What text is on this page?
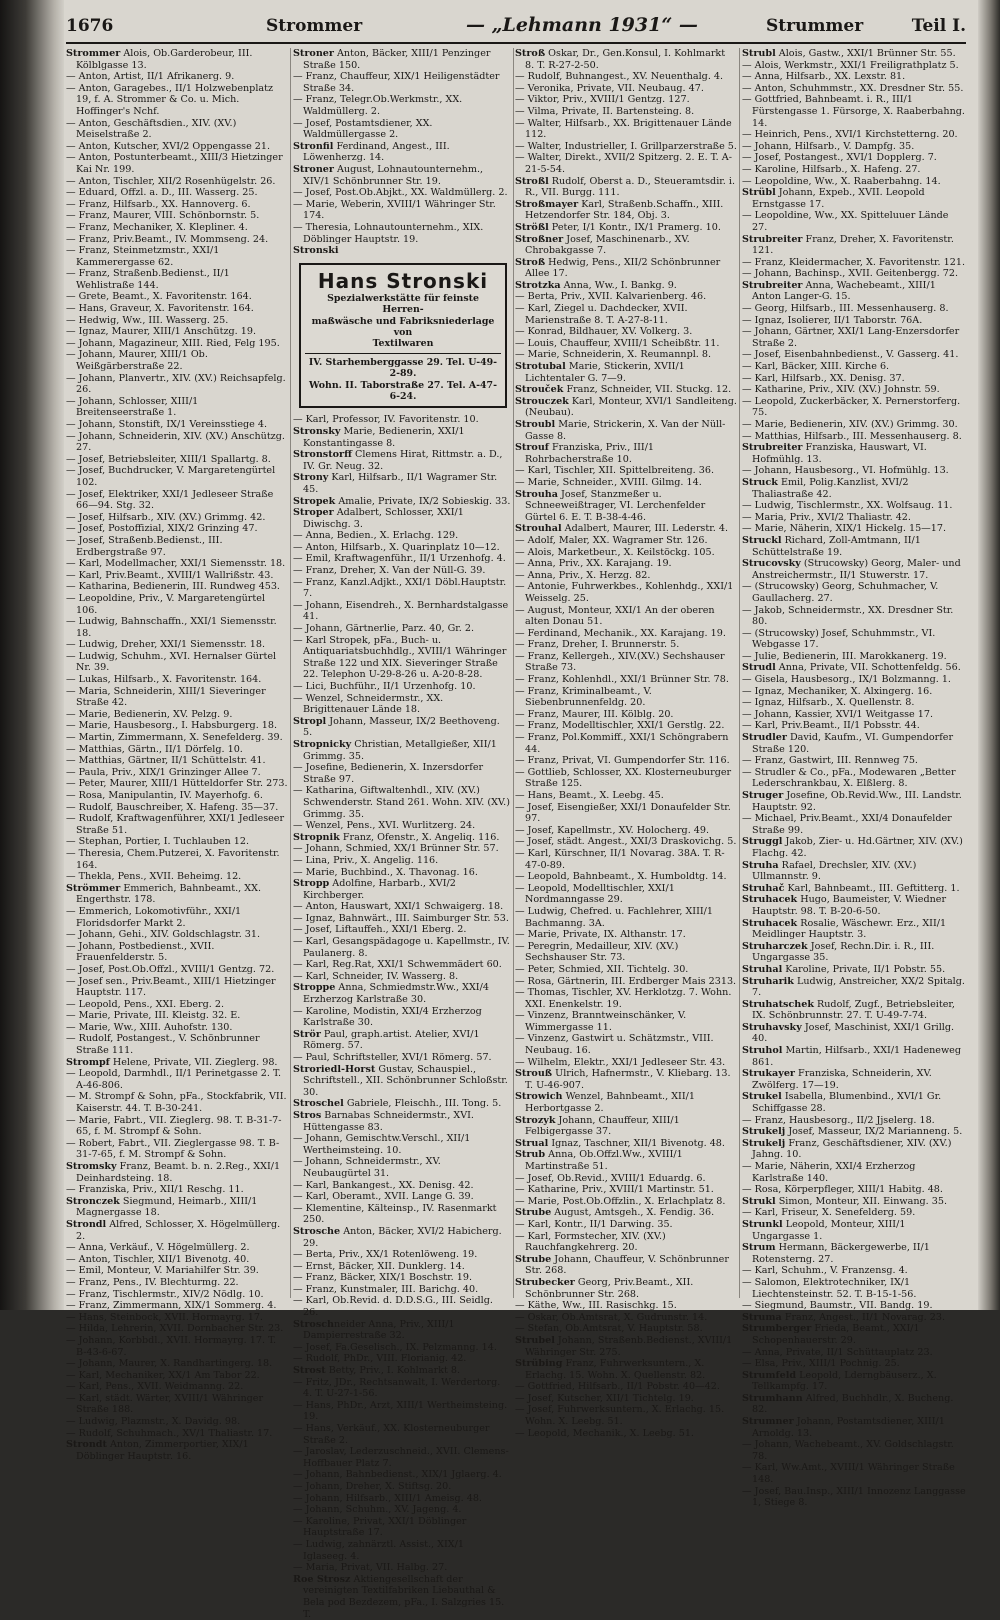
1676	Strommer	— „Lehmann 1931“ —	Strummer	Teil I.
Strommer Alois, Ob.Garderobeur, III. Kölblgasse 13.
— Anton, Artist, II/1 Afrikanerg. 9.
— Anton, Garagebes., II/1 Holzwebenplatz 19, f. A. Strommer & Co. u. Mich. Hoffinger's Nchf.
— Anton, Geschäftsdien., XIV. (XV.) Meiselstraße 2.
— Anton, Kutscher, XVI/2 Oppengasse 21.
— Anton, Postunterbeamt., XIII/3 Hietzinger Kai Nr. 199.
— Anton, Tischler, XII/2 Rosenhügelstr. 26.
— Eduard, Offzl. a. D., III. Wasserg. 25.
— Franz, Hilfsarb., XX. Hannoverg. 6.
— Franz, Maurer, VIII. Schönbornstr. 5.
— Franz, Mechaniker, X. Klepliner. 4.
— Franz, Priv.Beamt., IV. Mommseng. 24.
— Franz, Steinmetzmstr., XXI/1 Kammerergasse 62.
— Franz, Straßenb.Bedienst., II/1 Wehlistraße 144.
— Grete, Beamt., X. Favoritenstr. 164.
— Hans, Graveur, X. Favoritenstr. 164.
— Hedwig, Ww., III. Wasserg. 25.
— Ignaz, Maurer, XIII/1 Anschützg. 19.
— Johann, Magazineur, XIII. Ried, Felg 195.
— Johann, Maurer, XIII/1 Ob. Weißgärberstraße 22.
— Johann, Planvertr., XIV. (XV.) Reichsapfelg. 26.
— Johann, Schlosser, XIII/1 Breitenseerstraße 1.
— Johann, Stonstift, IX/1 Vereinsstiege 4.
— Johann, Schneiderin, XIV. (XV.) Anschützg. 27.
— Josef, Betriebsleiter, XIII/1 Spallartg. 8.
— Josef, Buchdrucker, V. Margaretengürtel 102.
— Josef, Elektriker, XXI/1 Jedleseer Straße 66—94. Stg. 32.
— Josef, Hilfsarb., XIV. (XV.) Grimmg. 42.
— Josef, Postoffizial, XIX/2 Grinzing 47.
— Josef, Straßenb.Bedienst., III. Erdbergstraße 97.
— Karl, Modellmacher, XXI/1 Siemensstr. 18.
— Karl, Priv.Beamt., XVIII/1 Wallrißstr. 43.
— Katharina, Bedienerin, III. Rundweg 453.
— Leopoldine, Priv., V. Margaretengürtel 106.
— Ludwig, Bahnschaffn., XXI/1 Siemensstr. 18.
— Ludwig, Dreher, XXI/1 Siemensstr. 18.
— Ludwig, Schuhm., XVI. Hernalser Gürtel Nr. 39.
— Lukas, Hilfsarb., X. Favoritenstr. 164.
— Maria, Schneiderin, XIII/1 Sieveringer Straße 42.
— Marie, Bedienerin, XV. Pelzg. 9.
— Marie, Hausbesorg., I. Habsburgerg. 18.
— Martin, Zimmermann, X. Senefelderg. 39.
— Matthias, Gärtn., II/1 Dörfelg. 10.
— Matthias, Gärtner, II/1 Schüttelstr. 41.
— Paula, Priv., XIX/1 Grinzinger Allee 7.
— Peter, Maurer, XIII/1 Hütteldorfer Str. 273.
— Rosa, Manipulantin, IV. Mayerhofg. 6.
— Rudolf, Bauschreiber, X. Hafeng. 35—37.
— Rudolf, Kraftwagenführer, XXI/1 Jedleseer Straße 51.
— Stephan, Portier, I. Tuchlauben 12.
— Theresia, Chem.Putzerei, X. Favoritenstr. 164.
— Thekla, Pens., XVII. Beheimg. 12.
Strömmer Emmerich, Bahnbeamt., XX. Engerthstr. 178.
— Emmerich, Lokomotivführ., XXI/1 Floridsdorfer Markt 2.
— Johann, Gehi., XIV. Goldschlagstr. 31.
— Johann, Postbedienst., XVII. Frauenfelderstr. 5.
— Josef, Post.Ob.Offzl., XVIII/1 Gentzg. 72.
— Josef sen., Priv.Beamt., XIII/1 Hietzinger Hauptstr. 117.
— Leopold, Pens., XXI. Eberg. 2.
— Marie, Private, III. Kleistg. 32. E.
— Marie, Ww., XIII. Auhofstr. 130.
— Rudolf, Postangest., V. Schönbrunner Straße 111.
Strompf Helene, Private, VII. Zieglerg. 98.
— Leopold, Darmhdl., II/1 Perinetgasse 2. T. A-46-806.
— M. Strompf & Sohn, pFa., Stockfabrik, VII. Kaiserstr. 44. T. B-30-241.
— Marie, Fabrt., VII. Zieglerg. 98. T. B-31-7-65, f. M. Strompf & Sohn.
— Robert, Fabrt., VII. Zieglergasse 98. T. B-31-7-65, f. M. Strompf & Sohn.
Stromsky Franz, Beamt. b. n. 2.Reg., XXI/1 Deinhardsteing. 18.
— Franziska, Priv., XII/1 Reschg. 11.
Stronczek Siegmund, Heimarb., XIII/1 Magnergasse 18.
Strondl Alfred, Schlosser, X. Högelmüllerg. 2.
— Anna, Verkäuf., V. Högelmüllerg. 2.
— Anton, Tischler, XII/1 Bivenotg. 40.
— Emil, Monteur, V. Mariahilfer Str. 39.
— Franz, Pens., IV. Blechturmg. 22.
— Franz, Tischlermstr., XIV/2 Nödlg. 10.
— Franz, Zimmermann, XIX/1 Sommerg. 4.
— Hans, Steinbock, XVII. Hormayrg. 17.
— Hilda, Lehrerin, XVII. Dornbacher Str. 23.
— Johann, Korbbdl., XVII. Hormayrg. 17. T. B-43-6-67.
— Johann, Maurer, X. Randhartingerg. 18.
— Karl, Mechaniker, XX/1 Am Tabor 22.
— Karl, Pens., XVII. Weidmanng. 22.
— Karl, städt. Wärter, XVIII/1 Währinger Straße 188.
— Ludwig, Plazmstr., X. Davidg. 98.
— Rudolf, Schuhmach., XV/1 Thaliastr. 17.
Strondt Anton, Zimmerportier, XIX/1 Döblinger Hauptstr. 16.
Stroner Anton, Bäcker, XIII/1 Penzinger Straße 150.
— Franz, Chauffeur, XIX/1 Heiligenstädter Straße 34.
— Franz, Telegr.Ob.Werkmstr., XX. Waldmüllerg. 2.
— Josef, Postamtsdiener, XX. Waldmüllergasse 2.
Stronfil Ferdinand, Angest., III. Löwenherzg. 14.
Stroner August, Lohnautounternehm., XIV/1 Schönbrunner Str. 19.
— Josef, Post.Ob.Abjkt., XX. Waldmüllerg. 2.
— Marie, Weberin, XVIII/1 Währinger Str. 174.
— Theresia, Lohnautounternehm., XIX. Döblinger Hauptstr. 19.
Stronski
Hans Stronski
Spezialwerkstätte für feinste Herren-
maßwäsche und Fabriksniederlage von
Textilwaren
IV. Starhemberggasse 29. Tel. U-49-2-89.
Wohn. II. Taborstraße 27. Tel. A-47-6-24.
— Karl, Professor, IV. Favoritenstr. 10.
Stronsky Marie, Bedienerin, XXI/1 Konstantingasse 8.
Stronstorff Clemens Hirat, Rittmstr. a. D., IV. Gr. Neug. 32.
Strony Karl, Hilfsarb., II/1 Wagramer Str. 45.
Stropek Amalie, Private, IX/2 Sobieskig. 33.
Stroper Adalbert, Schlosser, XXI/1 Diwischg. 3.
— Anna, Bedien., X. Erlachg. 129.
— Anton, Hilfsarb., X. Quarinplatz 10—12.
— Emil, Kraftwagenführ., II/1 Urzenhofg. 4.
— Franz, Dreher, X. Van der Nüll-G. 39.
— Franz, Kanzl.Adjkt., XXI/1 Döbl.Hauptstr. 7.
— Johann, Eisendreh., X. Bernhardstalgasse 41.
— Johann, Gärtnerlie, Parz. 40, Gr. 2.
— Karl Stropek, pFa., Buch- u. Antiquariatsbuchhdlg., XVIII/1 Währinger Straße 122 und XIX. Sieveringer Straße 22. Telephon U-29-8-26 u. A-20-8-28.
— Lici, Buchführ., II/1 Urzenhofg. 10.
— Wenzel, Schneidermstr., XX. Brigittenauer Lände 18.
Stropl Johann, Masseur, IX/2 Beethoveng. 5.
Stropnicky Christian, Metallgießer, XII/1 Grimmg. 35.
— Josefine, Bedienerin, X. Inzersdorfer Straße 97.
— Katharina, Giftwaltenhdl., XIV. (XV.) Schwenderstr. Stand 261. Wohn. XIV. (XV.) Grimmg. 35.
— Wenzel, Pens., XVI. Wurlitzerg. 24.
Stropnik Franz, Ofenstr., X. Angeliq. 116.
— Johann, Schmied, XX/1 Brünner Str. 57.
— Lina, Priv., X. Angelig. 116.
— Marie, Buchbind., X. Thavonag. 16.
Stropp Adolfine, Harbarb., XVI/2 Kirchberger.
— Anton, Hauswart, XXI/1 Schwaigerg. 18.
— Ignaz, Bahnwärt., III. Saimburger Str. 53.
— Josef, Liftauffeh., XXI/1 Eberg. 2.
— Karl, Gesangspädagoge u. Kapellmstr., IV. Paulanerg. 8.
— Karl, Reg.Rat, XXI/1 Schwemmädert 60.
— Karl, Schneider, IV. Wasserg. 8.
Stroppe Anna, Schmiedmstr.Ww., XXI/4 Erzherzog Karlstraße 30.
— Karoline, Modistin, XXI/4 Erzherzog Karlstraße 30.
Strör Paul, graph.artist. Atelier, XVI/1 Römerg. 57.
— Paul, Schriftsteller, XVI/1 Römerg. 57.
Stroriedl-Horst Gustav, Schauspiel., Schriftstell., XII. Schönbrunner Schloßstr. 30.
Stroschel Gabriele, Fleischh., III. Tong. 5.
Stros Barnabas Schneidermstr., XVI. Hüttengasse 83.
— Johann, Gemischtw.Verschl., XII/1 Wertheimsteing. 10.
— Johann, Schneidermstr., XV. Neubaugürtel 31.
— Karl, Bankangest., XX. Denisg. 42.
— Karl, Oberamt., XVII. Lange G. 39.
— Klementine, Kälteinsp., IV. Rasenmarkt 250.
Strosche Anton, Bäcker, XVI/2 Habicherg. 29.
— Berta, Priv., XX/1 Rotenlöweng. 19.
— Ernst, Bäcker, XII. Dunklerg. 14.
— Franz, Bäcker, XIX/1 Boschstr. 19.
— Franz, Kunstmaler, III. Barichg. 40.
— Karl, Ob.Revid. d. D.D.S.G., III. Seidlg. 26.
Stroschneider Anna, Priv., XIII/1 Dampierrestraße 32.
— Josef, Fa.Geselisch., IX. Pelzmanng. 14.
— Rudolf, PhDr., VIII. Florianig. 42.
Strost Betty, Priv., I. Kohlmarkt 8.
— Fritz, JDr., Rechtsanwalt, I. Werdertorg. 4. T. U-27-1-56.
— Hans, PhDr., Arzt, XIII/1 Wertheimsteing. 19.
— Hans, Verkäuf., XX. Klosterneuburger Straße 2.
— Jaroslav, Lederzuschneid., XVII. Clemens-Hoffbauer Platz 7.
— Johann, Bahnbedienst., XIX/1 Jglaerg. 4.
— Johann, Dreher, X. Stiftsg. 20.
— Johann, Hilfsarb., XIII/1 Ameisg. 48.
— Johann, Schuhm., XV. Jageng. 4.
— Karoline, Privat, XXI/1 Döblinger Hauptstraße 17.
— Ludwig, zahnärztl. Assist., XIX/1 Iglaseeg. 4.
— Maria, Privat, VII. Halbg. 27.
Roe Strosz Aktiengesellschaft der vereinigten Textilfabriken Liebauthal & Bela pod Bezdezem, pFa., I. Salzgries 15. T.
Stroß Oskar, Dr., Gen.Konsul, I. Kohlmarkt 8. T. R-27-2-50.
— Rudolf, Buhnangest., XV. Neuenthalg. 4.
— Veronika, Private, VII. Neubaug. 47.
— Viktor, Priv., XVIII/1 Gentzg. 127.
— Vilma, Private, II. Bartensteing. 8.
— Walter, Hilfsarb., XX. Brigittenauer Lände 112.
— Walter, Industrieller, I. Grillparzerstraße 5.
— Walter, Direkt., XVII/2 Spitzerg. 2. E. T. A-21-5-54.
Stroßl Rudolf, Oberst a. D., Steueramtsdir. i. R., VII. Burgg. 111.
Stroßmayer Karl, Straßenb.Schaffn., XIII. Hetzendorfer Str. 184, Obj. 3.
Strößl Peter, I/1 Kontr., IX/1 Pramerg. 10.
Stroßner Josef, Maschinenarb., XV. Chrobakgasse 7.
Stroß Hedwig, Pens., XII/2 Schönbrunner Allee 17.
Strotzka Anna, Ww., I. Bankg. 9.
— Berta, Priv., XVII. Kalvarienberg. 46.
— Karl, Ziegel u. Dachdecker, XVII. Marienstraße 8. T. A-27-8-11.
— Konrad, Bildhauer, XV. Volkerg. 3.
— Louis, Chauffeur, XVIII/1 Scheibßtr. 11.
— Marie, Schneiderin, X. Reumannpl. 8.
Strotubal Marie, Stickerin, XVII/1 Lichtentaler G. 7—9.
Strouček Franz, Schneider, VII. Stuckg. 12.
Strouczek Karl, Monteur, XVI/1 Sandleiteng. (Neubau).
Stroubl Marie, Strickerin, X. Van der Nüll-Gasse 8.
Strouf Franziska, Priv., III/1 Rohrbacherstraße 10.
— Karl, Tischler, XII. Spittelbreiteng. 36.
— Marie, Schneider., XVIII. Gilmg. 14.
Strouha Josef, Stanzmeßer u. Schneeweißtrager, VI. Lerchenfelder Gürtel 6. E. T. B-38-4-46.
Strouhal Adalbert, Maurer, III. Lederstr. 4.
— Adolf, Maler, XX. Wagramer Str. 126.
— Alois, Marketbeur., X. Keilstöckg. 105.
— Anna, Priv., XX. Karajang. 19.
— Anna, Priv., X. Herzg. 82.
— Antonie, Fuhrwerkbes., Kohlenhdg., XXI/1 Weisselg. 25.
— August, Monteur, XXI/1 An der oberen alten Donau 51.
— Ferdinand, Mechanik., XX. Karajang. 19.
— Franz, Dreher, I. Brunnerstr. 5.
— Franz, Kellergeh., XIV.(XV.) Sechshauser Straße 73.
— Franz, Kohlenhdl., XXI/1 Brünner Str. 78.
— Franz, Kriminalbeamt., V. Siebenbrunnenfeldg. 20.
— Franz, Maurer, III. Kölblg. 20.
— Franz, Modelltischler, XXI/1 Gerstlg. 22.
— Franz, Pol.Kommiff., XXI/1 Schöngrabern 44.
— Franz, Privat, VI. Gumpendorfer Str. 116.
— Gottlieb, Schlosser, XX. Klosterneuburger Straße 125.
— Hans, Beamt., X. Leebg. 45.
— Josef, Eisengießer, XXI/1 Donaufelder Str. 97.
— Josef, Kapellmstr., XV. Holocherg. 49.
— Josef, städt. Angest., XXI/3 Draskovichg. 5.
— Karl, Kürschner, II/1 Novarag. 38A. T. R-47-0-89.
— Leopold, Bahnbeamt., X. Humboldtg. 14.
— Leopold, Modelltischler, XXI/1 Nordmanngasse 29.
— Ludwig, Chefred. u. Fachlehrer, XIII/1 Bachmanng. 3A.
— Marie, Private, IX. Althanstr. 17.
— Peregrin, Medailleur, XIV. (XV.) Sechshauser Str. 73.
— Peter, Schmied, XII. Tichtelg. 30.
— Rosa, Gärtnerin, III. Erdberger Mais 2313.
— Thomas, Tischler, XV. Herklotzg. 7. Wohn. XXI. Enenkelstr. 19.
— Vinzenz, Branntweinschänker, V. Wimmergasse 11.
— Vinzenz, Gastwirt u. Schätzmstr., VIII. Neubaug. 16.
— Wilhelm, Elektr., XXI/1 Jedleseer Str. 43.
Strouß Ulrich, Hafnermstr., V. Kliebarg. 13. T. U-46-907.
Strowich Wenzel, Bahnbeamt., XII/1 Herbortgasse 2.
Strozyk Johann, Chauffeur, XIII/1 Felbigergasse 37.
Strual Ignaz, Taschner, XII/1 Bivenotg. 48.
Strub Anna, Ob.Offzl.Ww., XVIII/1 Martinstraße 51.
— Josef, Ob.Revid., XVIII/1 Eduardg. 6.
— Katharine, Priv., XVIII/1 Martinstr. 51.
— Marie, Post.Ob.Offzlin., X. Erlachplatz 8.
Strube August, Amtsgeh., X. Fendig. 36.
— Karl, Kontr., II/1 Darwing. 35.
— Karl, Formstecher, XIV. (XV.) Rauchfangkehrerg. 20.
Strube Johann, Chauffeur, V. Schönbrunner Str. 268.
Strubecker Georg, Priv.Beamt., XII. Schönbrunner Str. 268.
— Käthe, Ww., III. Rasischkg. 15.
— Oskar, Ob.Amtsrat, X. Gudrunstr. 14.
— Stefan, Ob.Amtsrat, V. Hauptstr. 58.
Strubel Johann, Straßenb.Bedienst., XVIII/1 Währinger Str. 275.
Strübing Franz, Fuhrwerksuntern., X. Erlachg. 15. Wohn. X. Quellenstr. 82.
— Gottfried, Hilfsarb., II/1 Pobstr. 40—42.
— Josef, Kutscher, XII/1 Tichtelg. 19.
— Josef, Fuhrwerksuntern., X. Erlachg. 15. Wohn. X. Leebg. 51.
— Leopold, Mechanik., X. Leebg. 51.
Strubl Alois, Gastw., XXI/1 Brünner Str. 55.
— Alois, Werkmstr., XXI/1 Freiligrathplatz 5.
— Anna, Hilfsarb., XX. Lexstr. 81.
— Anton, Schuhmmstr., XX. Dresdner Str. 55.
— Gottfried, Bahnbeamt. i. R., III/1 Fürstengasse 1. Fürsorge, X. Raaberbahng. 14.
— Heinrich, Pens., XVI/1 Kirchstetterng. 20.
— Johann, Hilfsarb., V. Dampfg. 35.
— Josef, Postangest., XVI/1 Dopplerg. 7.
— Karoline, Hilfsarb., X. Hafeng. 27.
— Leopoldine, Ww., X. Raaberbahng. 14.
Strübl Johann, Expeb., XVII. Leopold Ernstgasse 17.
— Leopoldine, Ww., XX. Spitteluuer Lände 27.
Strubreiter Franz, Dreher, X. Favoritenstr. 121.
— Franz, Kleidermacher, X. Favoritenstr. 121.
— Johann, Bachinsp., XVII. Geitenbergg. 72.
Strubreiter Anna, Wachebeamt., XIII/1 Anton Langer-G. 15.
— Georg, Hilfsarb., III. Messenhauserg. 8.
— Ignaz, Isolierer, II/1 Taborstr. 76A.
— Johann, Gärtner, XXI/1 Lang-Enzersdorfer Straße 2.
— Josef, Eisenbahnbedienst., V. Gasserg. 41.
— Karl, Bäcker, XIII. Kirche 6.
— Karl, Hilfsarb., XX. Denisg. 37.
— Katharine, Priv., XIV. (XV.) Johnstr. 59.
— Leopold, Zuckerbäcker, X. Pernerstorferg. 75.
— Marie, Bedienerin, XIV. (XV.) Grimmg. 30.
— Matthias, Hilfsarb., III. Messenhauserg. 8.
Strubreiter Franziska, Hauswart, VI. Hofmühlg. 13.
— Johann, Hausbesorg., VI. Hofmühlg. 13.
Struck Emil, Polig.Kanzlist, XVI/2 Thaliastraße 42.
— Ludwig, Tischlermstr., XX. Wolfsaug. 11.
— Maria, Priv., XVI/2 Thaliastr. 42.
— Marie, Näherin, XIX/1 Hickelg. 15—17.
Struckl Richard, Zoll-Amtmann, II/1 Schüttelstraße 19.
Strucovsky (Strucowsky) Georg, Maler- und Anstreichermstr., II/1 Stuwerstr. 17.
— (Strucowsky) Georg, Schuhmacher, V. Gaullacherg. 27.
— Jakob, Schneidermstr., XX. Dresdner Str. 80.
— (Strucowsky) Josef, Schuhmmstr., VI. Webgasse 17.
— Julie, Bedienerin, III. Marokkanerg. 19.
Strudl Anna, Private, VII. Schottenfeldg. 56.
— Gisela, Hausbesorg., IX/1 Bolzmanng. 1.
— Ignaz, Mechaniker, X. Alxingerg. 16.
— Ignaz, Hilfsarb., X. Quellenstr. 8.
— Johann, Kassier, XVI/1 Weitgasse 17.
— Karl, Priv.Beamt., II/1 Pobsstr. 44.
Strudler David, Kaufm., VI. Gumpendorfer Straße 120.
— Franz, Gastwirt, III. Rennweg 75.
— Strudler & Co., pFa., Modewaren „Better Lederschrankbau, X. Elßlerg. 8.
Struger Josefine, Ob.Revid.Ww., III. Landstr. Hauptstr. 92.
— Michael, Priv.Beamt., XXI/4 Donaufelder Straße 99.
Struggl Jakob, Zier- u. Hd.Gärtner, XIV. (XV.) Flachg. 42.
Struha Rafael, Drechsler, XIV. (XV.) Ullmannstr. 9.
Struhač Karl, Bahnbeamt., III. Geftitterg. 1.
Struhacek Hugo, Baumeister, V. Wiedner Hauptstr. 98. T. B-20-6-50.
Struhacek Rosalie, Wäschewr. Erz., XII/1 Meidlinger Hauptstr. 3.
Struharczek Josef, Rechn.Dir. i. R., III. Ungargasse 35.
Struhal Karoline, Private, II/1 Pobstr. 55.
Struharik Ludwig, Anstreicher, XX/2 Spitalg. 7.
Struhatschek Rudolf, Zugf., Betriebsleiter, IX. Schönbrunnstr. 27. T. U-49-7-74.
Struhavsky Josef, Maschinist, XXI/1 Grillg. 40.
Struhol Martin, Hilfsarb., XXI/1 Hadeneweg 861.
Strukayer Franziska, Schneiderin, XV. Zwölferg. 17—19.
Strukel Isabella, Blumenbind., XVI/1 Gr. Schiffgasse 28.
— Franz, Hausbesorg., II/2 Jjselerg. 18.
Strukelj Josef, Masseur, IX/2 Marianneng. 5.
Strukelj Franz, Geschäftsdiener, XIV. (XV.) Jahng. 10.
— Marie, Näherin, XXI/4 Erzherzog Karlstraße 140.
— Rosa, Körperpfleger, XIII/1 Habitg. 48.
Strukl Simon, Monteur, XII. Einwang. 35.
— Karl, Friseur, X. Senefelderg. 59.
Strunkl Leopold, Monteur, XIII/1 Ungargasse 1.
Strum Hermann, Bäckergewerbe, II/1 Rotensterng. 27.
— Karl, Schuhm., V. Franzensg. 4.
— Salomon, Elektrotechniker, IX/1 Liechtensteinstr. 52. T. B-15-1-56.
— Siegmund, Baumstr., VII. Bandg. 19.
Struma Franz, Angest., II/1 Novarag. 23.
Strumberger Frieda, Beamt., XXI/1 Schopenhauerstr. 29.
— Anna, Private, II/1 Schüttauplatz 23.
— Elsa, Priv., XIII/1 Pochnig. 25.
Strumfeld Leopold, Lderngbäuserz., X. Tellkampfg. 17.
Strumhann Alfred, Buchhdlr., X. Bucheng. 82.
Strumner Johann, Postamtsdiener, XIII/1 Arnoldg. 13.
— Johann, Wachebeamt., XV. Goldschlagstr. 78.
— Karl, Ww.Amt., XVIII/1 Währinger Straße 148.
— Josef, Bau.Insp., XIII/1 Innozenz Langgasse 1, Stiege 8.
